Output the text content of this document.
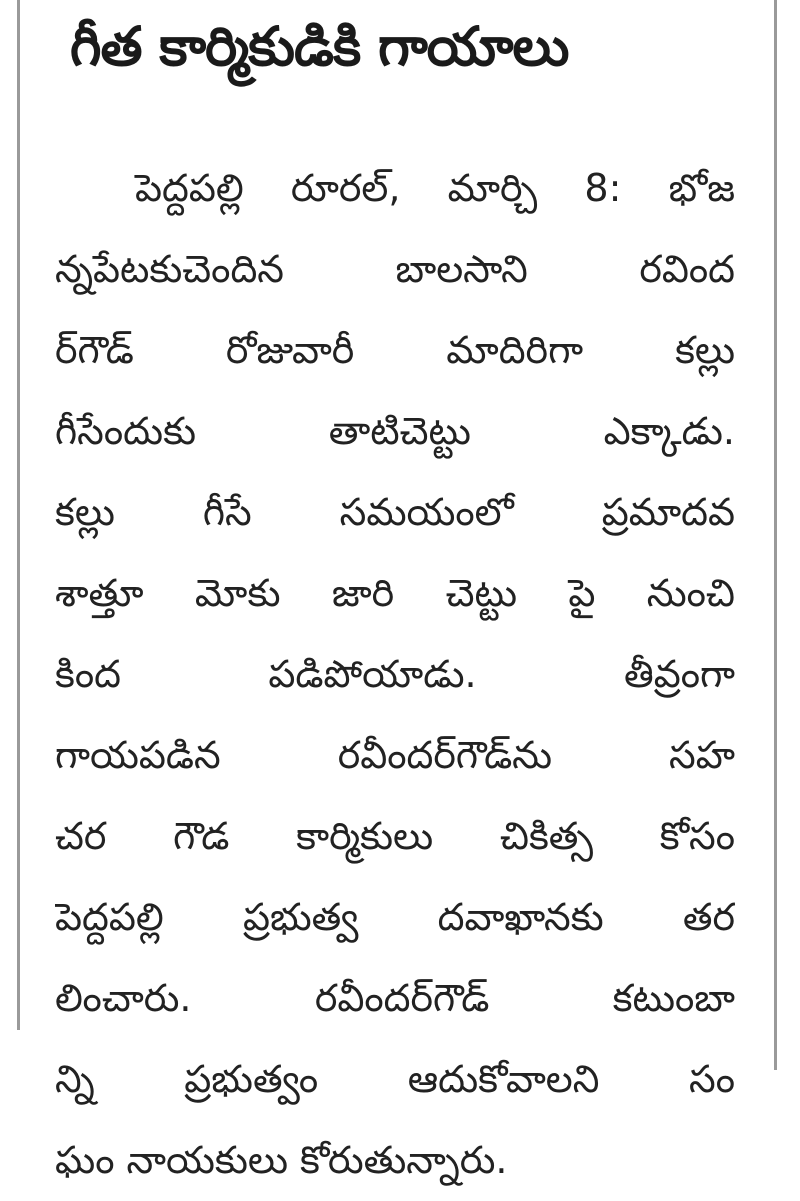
గీత కార్మికుడికి గాయాలు
పెద్దపల్లి రూరల్, మార్చి 8: భోజ
న్నపేటకుచెందిన బాలసాని రవింద
ర్‌గౌడ్ రోజువారీ మాదిరిగా కల్లు
గీసేందుకు తాటిచెట్టు ఎక్కాడు.
కల్లు గీసే సమయంలో ప్రమాదవ
శాత్తూ మోకు జారి చెట్టు పై నుంచి
కింద పడిపోయాడు. తీవ్రంగా
గాయపడిన రవీందర్‌గౌడ్‌ను సహ
చర గౌడ కార్మికులు చికిత్స కోసం
పెద్దపల్లి ప్రభుత్వ దవాఖానకు తర
లించారు. రవీందర్‌గౌడ్ కటుంబా
న్ని ప్రభుత్వం ఆదుకోవాలని సం
ఘం నాయకులు కోరుతున్నారు.
